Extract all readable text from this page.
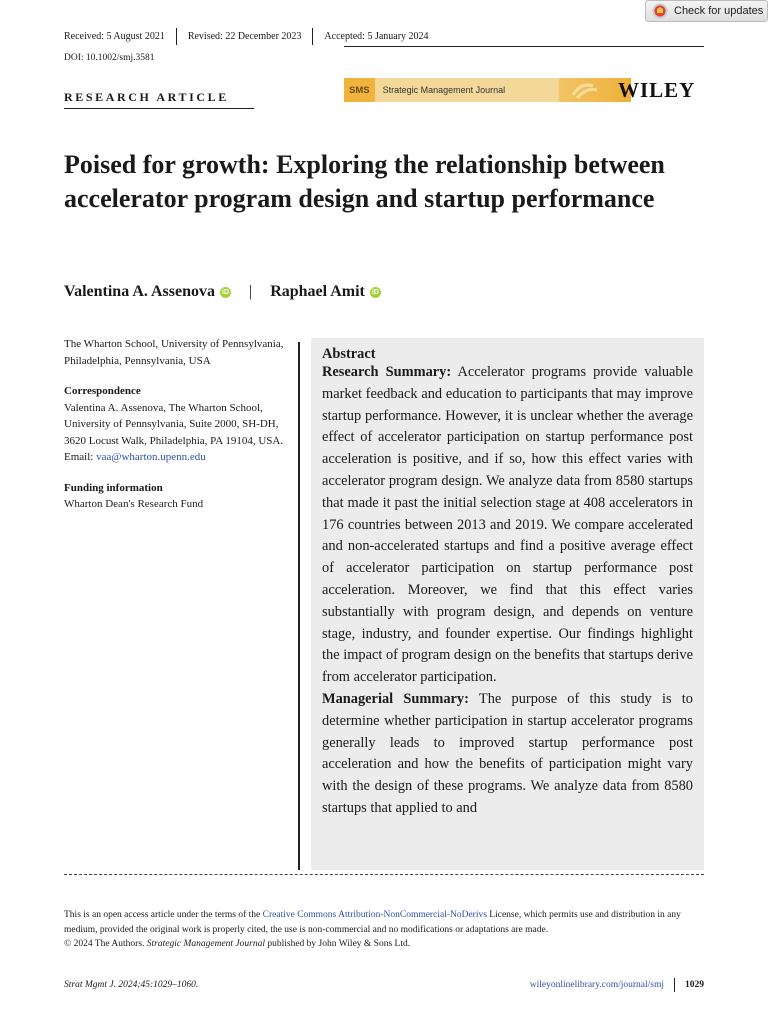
Check for updates
Received: 5 August 2021	Revised: 22 December 2023	Accepted: 5 January 2024
DOI: 10.1002/smj.3581
RESEARCH ARTICLE	SMS	Strategic Management Journal	WILEY
Poised for growth: Exploring the relationship between accelerator program design and startup performance
Valentina A. Assenova iD | Raphael Amit iD
The Wharton School, University of Pennsylvania, Philadelphia, Pennsylvania, USA
Correspondence
Valentina A. Assenova, The Wharton School, University of Pennsylvania, Suite 2000, SH-DH, 3620 Locust Walk, Philadelphia, PA 19104, USA.
Email: vaa@wharton.upenn.edu
Funding information
Wharton Dean's Research Fund
Abstract

Research Summary: Accelerator programs provide valuable market feedback and education to participants that may improve startup performance. However, it is unclear whether the average effect of accelerator participation on startup performance post acceleration is positive, and if so, how this effect varies with accelerator program design. We analyze data from 8580 startups that made it past the initial selection stage at 408 accelerators in 176 countries between 2013 and 2019. We compare accelerated and non-accelerated startups and find a positive average effect of accelerator participation on startup performance post acceleration. Moreover, we find that this effect varies substantially with program design, and depends on venture stage, industry, and founder expertise. Our findings highlight the impact of program design on the benefits that startups derive from accelerator participation.

Managerial Summary: The purpose of this study is to determine whether participation in startup accelerator programs generally leads to improved startup performance post acceleration and how the benefits of participation might vary with the design of these programs. We analyze data from 8580 startups that applied to and

This is an open access article under the terms of the Creative Commons Attribution-NonCommercial-NoDerivs License, which permits use and distribution in any medium, provided the original work is properly cited, the use is non-commercial and no modifications or adaptations are made.
© 2024 The Authors. Strategic Management Journal published by John Wiley & Sons Ltd.
Strat Mgmt J. 2024;45:1029–1060.	wileyonlinelibrary.com/journal/smj 1029
